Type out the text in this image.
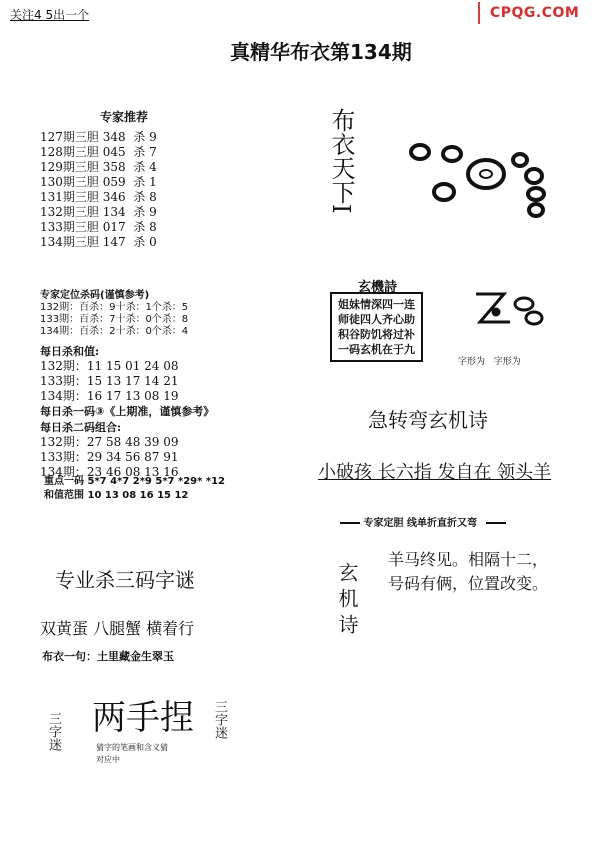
关注4 5出一个	CPQG.COM
真精华布衣第134期
专家推荐
127期三胆 348  杀 9
128期三胆 045  杀 7
129期三胆 358  杀 4
130期三胆 059  杀 1
131期三胆 346  杀 8
132期三胆 134  杀 9
133期三胆 017  杀 8
134期三胆 147  杀 0
专家定位杀码(谨慎参考)
132期：百杀：9十杀：1个杀：5
133期：百杀：7十杀：0个杀：8
134期：百杀：2十杀：0个杀：4
每日杀和值:
132期：11 15 01 24 08
133期：15 13 17 14 21
134期：16 17 13 08 19
每日杀一码③《上期准，谨慎参考》
每日杀二码组合:
132期：27 58 48 39 09
133期：29 34 56 87 91
134期：23 46 08 13 16
重点一码 5*7 4*7 2*9 5*7 *29* *12
和值范围 10 13 08 16 15 12
专业杀三码字谜
双黄蛋 八腿蟹 横着行
布衣一句：土里藏金生翠玉
三字迷 两手捏 三字迷
猜字的笔画和含义猜
对应中
布衣天下I
玄機詩
姐妹情深四一连
师徒四人齐心助
积谷防饥将过补
一码玄机在于九
字形为   字形为
急转弯玄机诗
小破孩 长六指 发自在 领头羊
专家定胆 线单折直折又弯
玄机诗
羊马终见。相隔十二，
号码有俩，位置改变。
